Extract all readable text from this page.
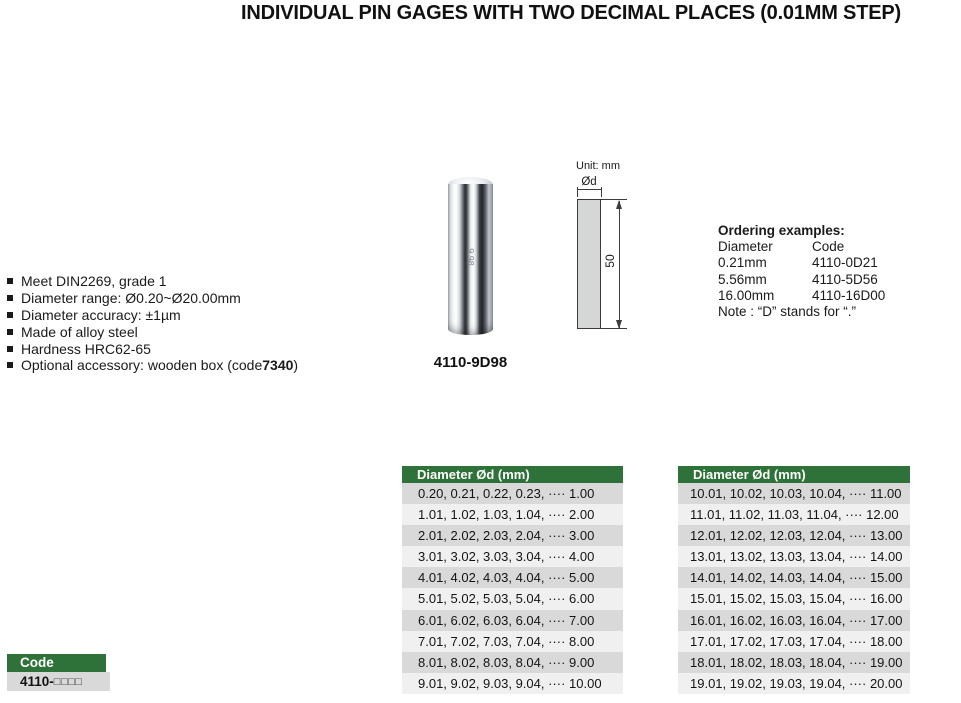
INDIVIDUAL PIN GAGES WITH TWO DECIMAL PLACES (0.01MM STEP)
Meet DIN2269, grade 1
Diameter range: Ø0.20~Ø20.00mm
Diameter accuracy: ±1µm
Made of alloy steel
Hardness HRC62-65
Optional accessory: wooden box (code 7340 )
9.98
4110-9D98
Unit: mm
Ød
50
Ordering examples:
Diameter	Code
0.21mm	4110-0D21
5.56mm	4110-5D56
16.00mm	4110-16D00
Note : “D” stands for “.”
Diameter Ød (mm)
0.20, 0.21, 0.22, 0.23, ···· 1.00
1.01, 1.02, 1.03, 1.04, ···· 2.00
2.01, 2.02, 2.03, 2.04, ···· 3.00
3.01, 3.02, 3.03, 3.04, ···· 4.00
4.01, 4.02, 4.03, 4.04, ···· 5.00
5.01, 5.02, 5.03, 5.04, ···· 6.00
6.01, 6.02, 6.03, 6.04, ···· 7.00
7.01, 7.02, 7.03, 7.04, ···· 8.00
8.01, 8.02, 8.03, 8.04, ···· 9.00
9.01, 9.02, 9.03, 9.04, ···· 10.00
Diameter Ød (mm)
10.01, 10.02, 10.03, 10.04, ···· 11.00
11.01, 11.02, 11.03, 11.04, ···· 12.00
12.01, 12.02, 12.03, 12.04, ···· 13.00
13.01, 13.02, 13.03, 13.04, ···· 14.00
14.01, 14.02, 14.03, 14.04, ···· 15.00
15.01, 15.02, 15.03, 15.04, ···· 16.00
16.01, 16.02, 16.03, 16.04, ···· 17.00
17.01, 17.02, 17.03, 17.04, ···· 18.00
18.01, 18.02, 18.03, 18.04, ···· 19.00
19.01, 19.02, 19.03, 19.04, ···· 20.00
Code
4110-□□□□
